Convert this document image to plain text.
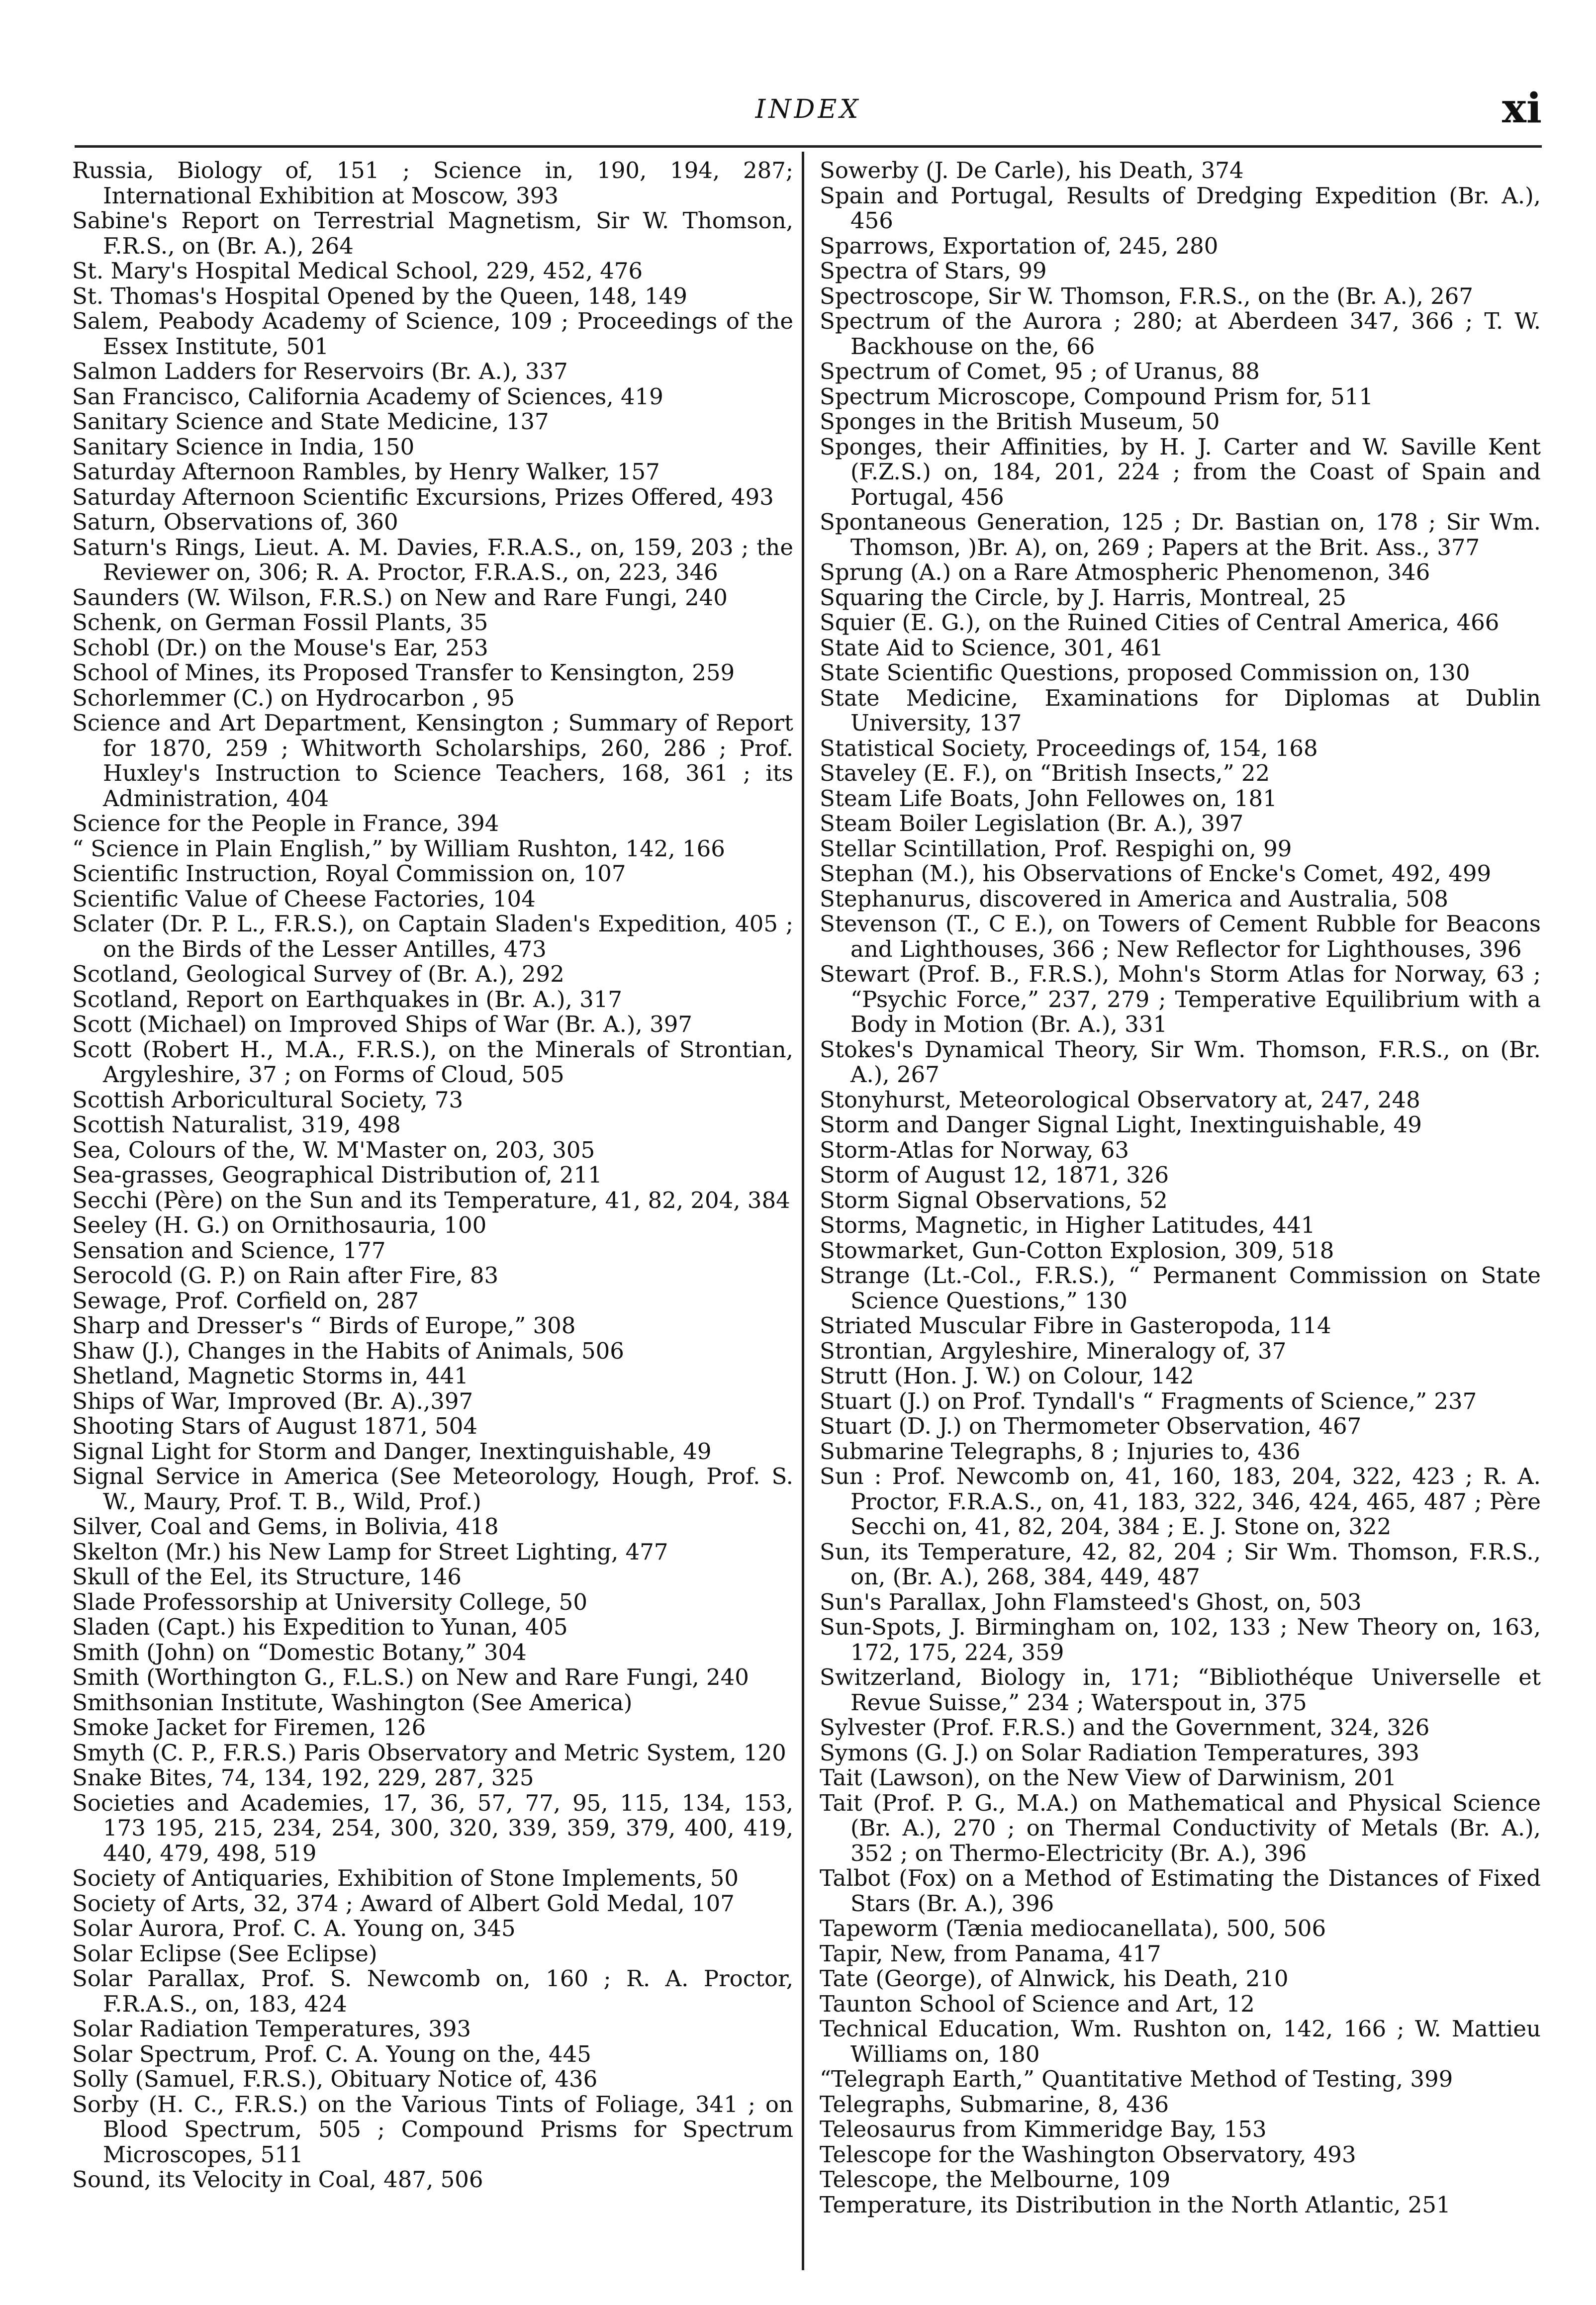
INDEX	xi
Russia, Biology of, 151 ; Science in, 190, 194, 287; International Exhibition at Moscow, 393
Sabine's Report on Terrestrial Magnetism, Sir W. Thomson, F.R.S., on (Br. A.), 264
St. Mary's Hospital Medical School, 229, 452, 476
St. Thomas's Hospital Opened by the Queen, 148, 149
Salem, Peabody Academy of Science, 109 ; Proceedings of the Essex Institute, 501
Salmon Ladders for Reservoirs (Br. A.), 337
San Francisco, California Academy of Sciences, 419
Sanitary Science and State Medicine, 137
Sanitary Science in India, 150
Saturday Afternoon Rambles, by Henry Walker, 157
Saturday Afternoon Scientific Excursions, Prizes Offered, 493
Saturn, Observations of, 360
Saturn's Rings, Lieut. A. M. Davies, F.R.A.S., on, 159, 203 ; the Reviewer on, 306; R. A. Proctor, F.R.A.S., on, 223, 346
Saunders (W. Wilson, F.R.S.) on New and Rare Fungi, 240
Schenk, on German Fossil Plants, 35
Schobl (Dr.) on the Mouse's Ear, 253
School of Mines, its Proposed Transfer to Kensington, 259
Schorlemmer (C.) on Hydrocarbon , 95
Science and Art Department, Kensington ; Summary of Report for 1870, 259 ; Whitworth Scholarships, 260, 286 ; Prof. Huxley's Instruction to Science Teachers, 168, 361 ; its Administration, 404
Science for the People in France, 394
“ Science in Plain English,” by William Rushton, 142, 166
Scientific Instruction, Royal Commission on, 107
Scientific Value of Cheese Factories, 104
Sclater (Dr. P. L., F.R.S.), on Captain Sladen's Expedition, 405 ; on the Birds of the Lesser Antilles, 473
Scotland, Geological Survey of (Br. A.), 292
Scotland, Report on Earthquakes in (Br. A.), 317
Scott (Michael) on Improved Ships of War (Br. A.), 397
Scott (Robert H., M.A., F.R.S.), on the Minerals of Strontian, Argyleshire, 37 ; on Forms of Cloud, 505
Scottish Arboricultural Society, 73
Scottish Naturalist, 319, 498
Sea, Colours of the, W. M'Master on, 203, 305
Sea-grasses, Geographical Distribution of, 211
Secchi (Père) on the Sun and its Temperature, 41, 82, 204, 384
Seeley (H. G.) on Ornithosauria, 100
Sensation and Science, 177
Serocold (G. P.) on Rain after Fire, 83
Sewage, Prof. Corfield on, 287
Sharp and Dresser's “ Birds of Europe,” 308
Shaw (J.), Changes in the Habits of Animals, 506
Shetland, Magnetic Storms in, 441
Ships of War, Improved (Br. A).,397
Shooting Stars of August 1871, 504
Signal Light for Storm and Danger, Inextinguishable, 49
Signal Service in America (See Meteorology, Hough, Prof. S. W., Maury, Prof. T. B., Wild, Prof.)
Silver, Coal and Gems, in Bolivia, 418
Skelton (Mr.) his New Lamp for Street Lighting, 477
Skull of the Eel, its Structure, 146
Slade Professorship at University College, 50
Sladen (Capt.) his Expedition to Yunan, 405
Smith (John) on “Domestic Botany,” 304
Smith (Worthington G., F.L.S.) on New and Rare Fungi, 240
Smithsonian Institute, Washington (See America)
Smoke Jacket for Firemen, 126
Smyth (C. P., F.R.S.) Paris Observatory and Metric System, 120
Snake Bites, 74, 134, 192, 229, 287, 325
Societies and Academies, 17, 36, 57, 77, 95, 115, 134, 153, 173 195, 215, 234, 254, 300, 320, 339, 359, 379, 400, 419, 440, 479, 498, 519
Society of Antiquaries, Exhibition of Stone Implements, 50
Society of Arts, 32, 374 ; Award of Albert Gold Medal, 107
Solar Aurora, Prof. C. A. Young on, 345
Solar Eclipse (See Eclipse)
Solar Parallax, Prof. S. Newcomb on, 160 ; R. A. Proctor, F.R.A.S., on, 183, 424
Solar Radiation Temperatures, 393
Solar Spectrum, Prof. C. A. Young on the, 445
Solly (Samuel, F.R.S.), Obituary Notice of, 436
Sorby (H. C., F.R.S.) on the Various Tints of Foliage, 341 ; on Blood Spectrum, 505 ; Compound Prisms for Spectrum Microscopes, 511
Sound, its Velocity in Coal, 487, 506
Sowerby (J. De Carle), his Death, 374
Spain and Portugal, Results of Dredging Expedition (Br. A.), 456
Sparrows, Exportation of, 245, 280
Spectra of Stars, 99
Spectroscope, Sir W. Thomson, F.R.S., on the (Br. A.), 267
Spectrum of the Aurora ; 280; at Aberdeen 347, 366 ; T. W. Backhouse on the, 66
Spectrum of Comet, 95 ; of Uranus, 88
Spectrum Microscope, Compound Prism for, 511
Sponges in the British Museum, 50
Sponges, their Affinities, by H. J. Carter and W. Saville Kent (F.Z.S.) on, 184, 201, 224 ; from the Coast of Spain and Portugal, 456
Spontaneous Generation, 125 ; Dr. Bastian on, 178 ; Sir Wm. Thomson, )Br. A), on, 269 ; Papers at the Brit. Ass., 377
Sprung (A.) on a Rare Atmospheric Phenomenon, 346
Squaring the Circle, by J. Harris, Montreal, 25
Squier (E. G.), on the Ruined Cities of Central America, 466
State Aid to Science, 301, 461
State Scientific Questions, proposed Commission on, 130
State Medicine, Examinations for Diplomas at Dublin University, 137
Statistical Society, Proceedings of, 154, 168
Staveley (E. F.), on “British Insects,” 22
Steam Life Boats, John Fellowes on, 181
Steam Boiler Legislation (Br. A.), 397
Stellar Scintillation, Prof. Respighi on, 99
Stephan (M.), his Observations of Encke's Comet, 492, 499
Stephanurus, discovered in America and Australia, 508
Stevenson (T., C E.), on Towers of Cement Rubble for Beacons and Lighthouses, 366 ; New Reflector for Lighthouses, 396
Stewart (Prof. B., F.R.S.), Mohn's Storm Atlas for Norway, 63 ; “Psychic Force,” 237, 279 ; Temperative Equilibrium with a Body in Motion (Br. A.), 331
Stokes's Dynamical Theory, Sir Wm. Thomson, F.R.S., on (Br. A.), 267
Stonyhurst, Meteorological Observatory at, 247, 248
Storm and Danger Signal Light, Inextinguishable, 49
Storm-Atlas for Norway, 63
Storm of August 12, 1871, 326
Storm Signal Observations, 52
Storms, Magnetic, in Higher Latitudes, 441
Stowmarket, Gun-Cotton Explosion, 309, 518
Strange (Lt.-Col., F.R.S.), “ Permanent Commission on State Science Questions,” 130
Striated Muscular Fibre in Gasteropoda, 114
Strontian, Argyleshire, Mineralogy of, 37
Strutt (Hon. J. W.) on Colour, 142
Stuart (J.) on Prof. Tyndall's “ Fragments of Science,” 237
Stuart (D. J.) on Thermometer Observation, 467
Submarine Telegraphs, 8 ; Injuries to, 436
Sun : Prof. Newcomb on, 41, 160, 183, 204, 322, 423 ; R. A. Proctor, F.R.A.S., on, 41, 183, 322, 346, 424, 465, 487 ; Père Secchi on, 41, 82, 204, 384 ; E. J. Stone on, 322
Sun, its Temperature, 42, 82, 204 ; Sir Wm. Thomson, F.R.S., on, (Br. A.), 268, 384, 449, 487
Sun's Parallax, John Flamsteed's Ghost, on, 503
Sun-Spots, J. Birmingham on, 102, 133 ; New Theory on, 163, 172, 175, 224, 359
Switzerland, Biology in, 171; “Bibliothéque Universelle et Revue Suisse,” 234 ; Waterspout in, 375
Sylvester (Prof. F.R.S.) and the Government, 324, 326
Symons (G. J.) on Solar Radiation Temperatures, 393
Tait (Lawson), on the New View of Darwinism, 201
Tait (Prof. P. G., M.A.) on Mathematical and Physical Science (Br. A.), 270 ; on Thermal Conductivity of Metals (Br. A.), 352 ; on Thermo-Electricity (Br. A.), 396
Talbot (Fox) on a Method of Estimating the Distances of Fixed Stars (Br. A.), 396
Tapeworm (Tænia mediocanellata), 500, 506
Tapir, New, from Panama, 417
Tate (George), of Alnwick, his Death, 210
Taunton School of Science and Art, 12
Technical Education, Wm. Rushton on, 142, 166 ; W. Mattieu Williams on, 180
“Telegraph Earth,” Quantitative Method of Testing, 399
Telegraphs, Submarine, 8, 436
Teleosaurus from Kimmeridge Bay, 153
Telescope for the Washington Observatory, 493
Telescope, the Melbourne, 109
Temperature, its Distribution in the North Atlantic, 251
